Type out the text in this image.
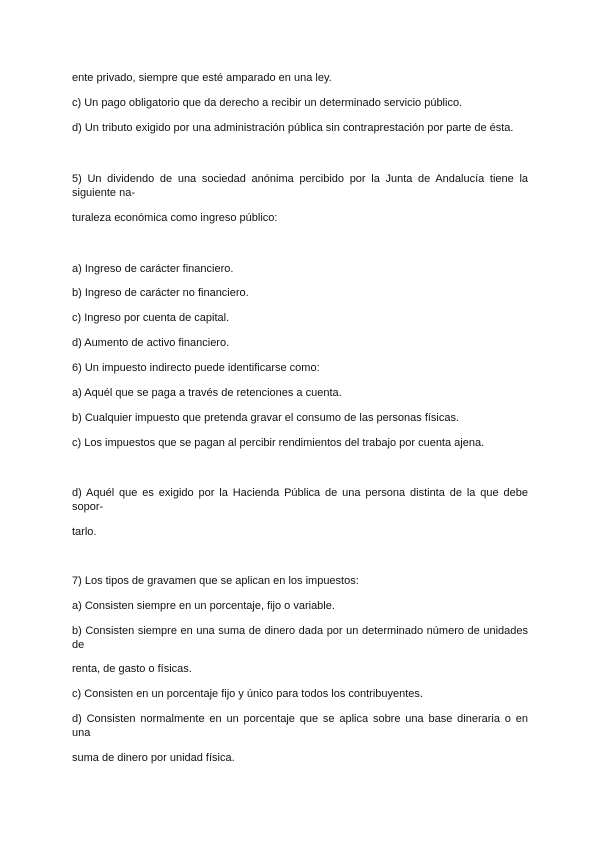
ente privado, siempre que esté amparado en una ley.
c) Un pago obligatorio que da derecho a recibir un determinado servicio público.
d) Un tributo exigido por una administración pública sin contraprestación por parte de ésta.
5) Un dividendo de una sociedad anónima percibido por la Junta de Andalucía tiene la
siguiente na-
turaleza económica como ingreso público:
a) Ingreso de carácter financiero.
b) Ingreso de carácter no financiero.
c) Ingreso por cuenta de capital.
d) Aumento de activo financiero.
6) Un impuesto indirecto puede identificarse como:
a) Aquél que se paga a través de retenciones a cuenta.
b) Cualquier impuesto que pretenda gravar el consumo de las personas físicas.
c) Los impuestos que se pagan al percibir rendimientos del trabajo por cuenta ajena.
d) Aquél que es exigido por la Hacienda Pública de una persona distinta de la que debe
sopor-
tarlo.
7) Los tipos de gravamen que se aplican en los impuestos:
a) Consisten siempre en un porcentaje, fijo o variable.
b) Consisten siempre en una suma de dinero dada por un determinado número de unidades
de
renta, de gasto o físicas.
c) Consisten en un porcentaje fijo y único para todos los contribuyentes.
d) Consisten normalmente en un porcentaje que se aplica sobre una base dineraria o en
una
suma de dinero por unidad física.
